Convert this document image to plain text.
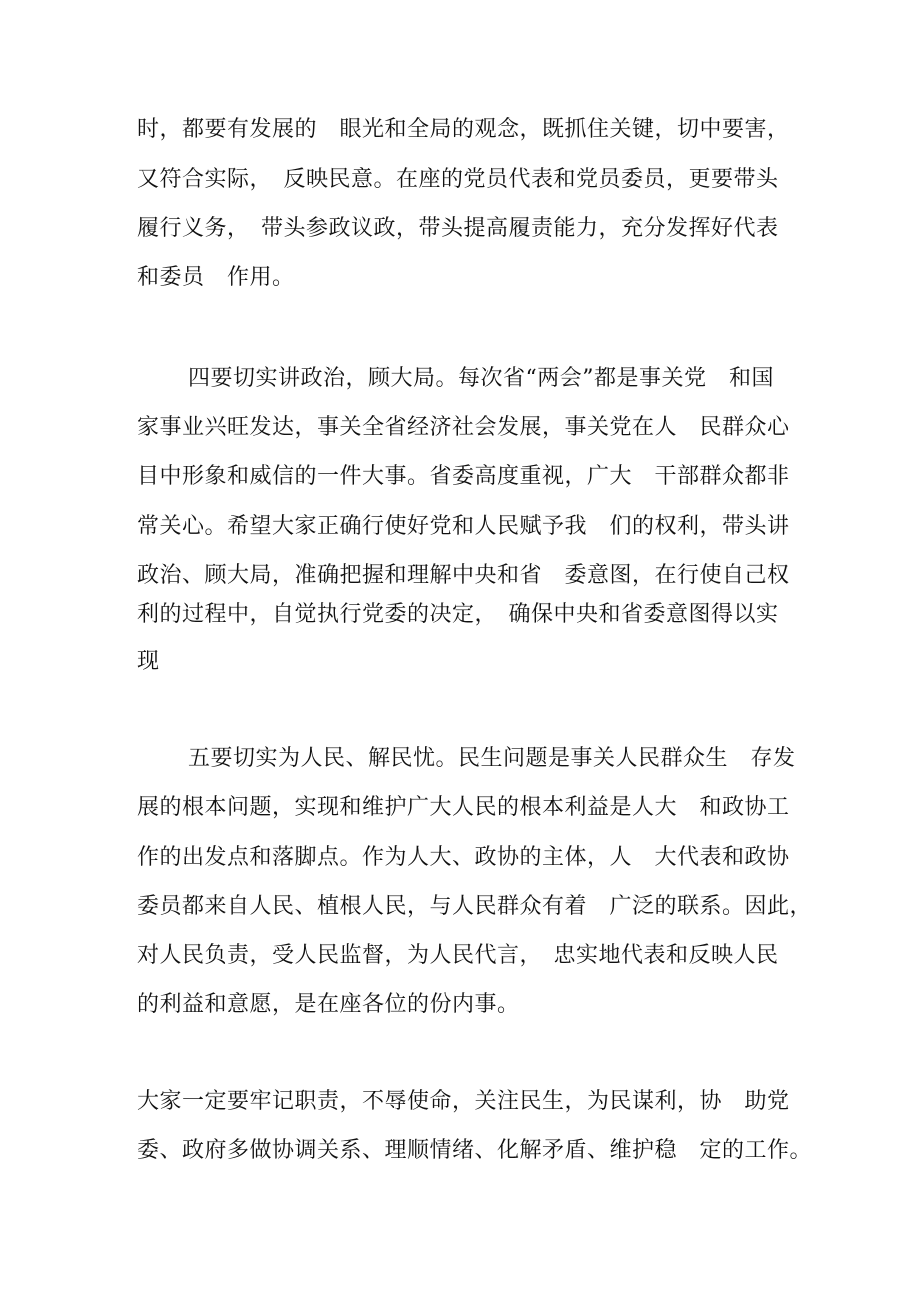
时，都要有发展的　眼光和全局的观念，既抓住关键，切中要害，
又符合实际，　反映民意。在座的党员代表和党员委员，更要带头
履行义务，　带头参政议政，带头提高履责能力，充分发挥好代表
和委员　作用。
四要切实讲政治，顾大局。每次省“两会”都是事关党　和国
家事业兴旺发达，事关全省经济社会发展，事关党在人　民群众心
目中形象和威信的一件大事。省委高度重视，广大　干部群众都非
常关心。希望大家正确行使好党和人民赋予我　们的权利，带头讲
政治、顾大局，准确把握和理解中央和省　委意图，在行使自己权
利的过程中，自觉执行党委的决定，　确保中央和省委意图得以实
现
五要切实为人民、解民忧。民生问题是事关人民群众生　存发
展的根本问题，实现和维护广大人民的根本利益是人大　和政协工
作的出发点和落脚点。作为人大、政协的主体，人　大代表和政协
委员都来自人民、植根人民，与人民群众有着　广泛的联系。因此，
对人民负责，受人民监督，为人民代言，　忠实地代表和反映人民
的利益和意愿，是在座各位的份内事。
大家一定要牢记职责，不辱使命，关注民生，为民谋利，协　助党
委、政府多做协调关系、理顺情绪、化解矛盾、维护稳　定的工作。
